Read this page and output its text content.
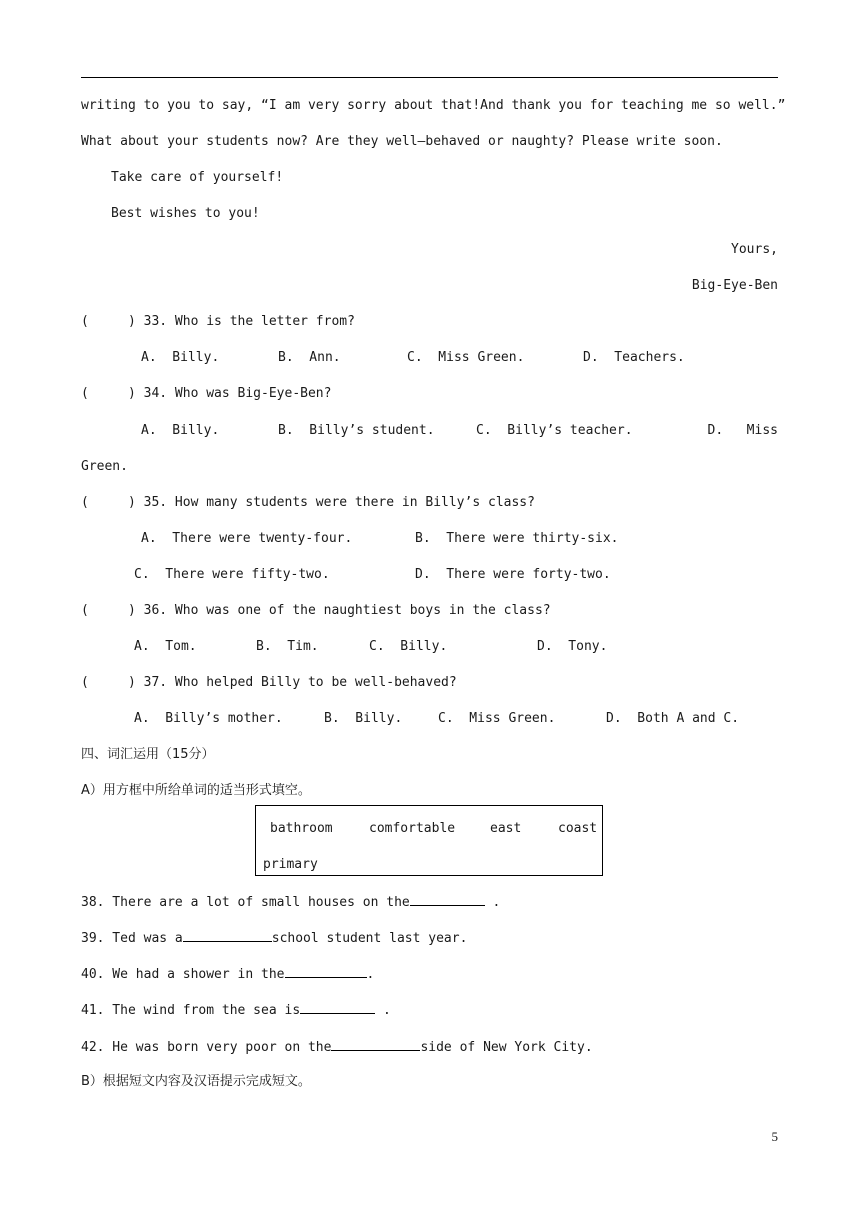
writing to you to say, “I am very sorry about that!And thank you for teaching me so well.”
What about your students now? Are they well—behaved or naughty? Please write soon.
Take care of yourself!
Best wishes to you!
Yours,
Big-Eye-Ben
(     ) 33. Who is the letter from?
A.  Billy.	B.  Ann.	C.  Miss Green.	D.  Teachers.
(     ) 34. Who was Big-Eye-Ben?
A.  Billy.	B.  Billy’s student.	C.  Billy’s teacher.	D.   Miss
Green.
(     ) 35. How many students were there in Billy’s class?
A.  There were twenty-four.	B.  There were thirty-six.
C.  There were fifty-two.	D.  There were forty-two.
(     ) 36. Who was one of the naughtiest boys in the class?
A.  Tom.	B.  Tim.	C.  Billy.	D.  Tony.
(     ) 37. Who helped Billy to be well-behaved?
A.  Billy’s mother.	B.  Billy.	C.  Miss Green.	D.  Both A and C.
四、词汇运用（15分）
A）用方框中所给单词的适当形式填空。
bathroom	comfortable	east	coast
primary
38. There are a lot of small houses on the	.
39. Ted was a	school student last year.
40. We had a shower in the	.
41. The wind from the sea is	.
42. He was born very poor on the	side of New York City.
B）根据短文内容及汉语提示完成短文。
5
